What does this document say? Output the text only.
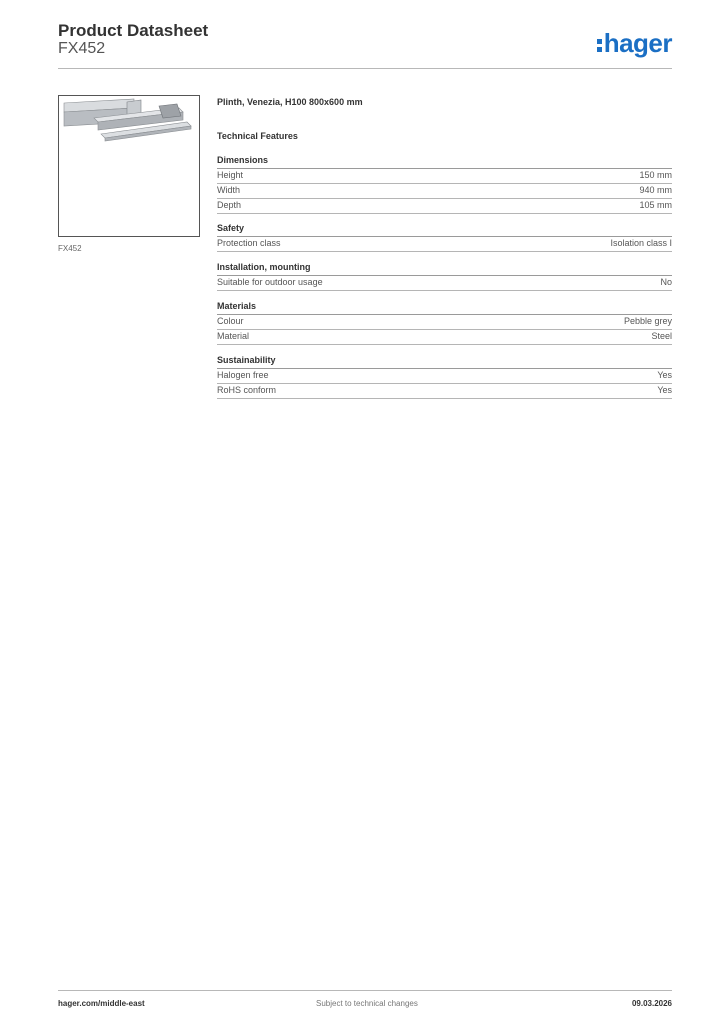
Product Datasheet
FX452	hager
FX452
Plinth, Venezia, H100 800x600 mm
Technical Features
Dimensions
Height	150 mm
Width	940 mm
Depth	105 mm
Safety
Protection class	Isolation class I
Installation, mounting
Suitable for outdoor usage	No
Materials
Colour	Pebble grey
Material	Steel
Sustainability
Halogen free	Yes
RoHS conform	Yes
hager.com/middle-east	Subject to technical changes	09.03.2026
